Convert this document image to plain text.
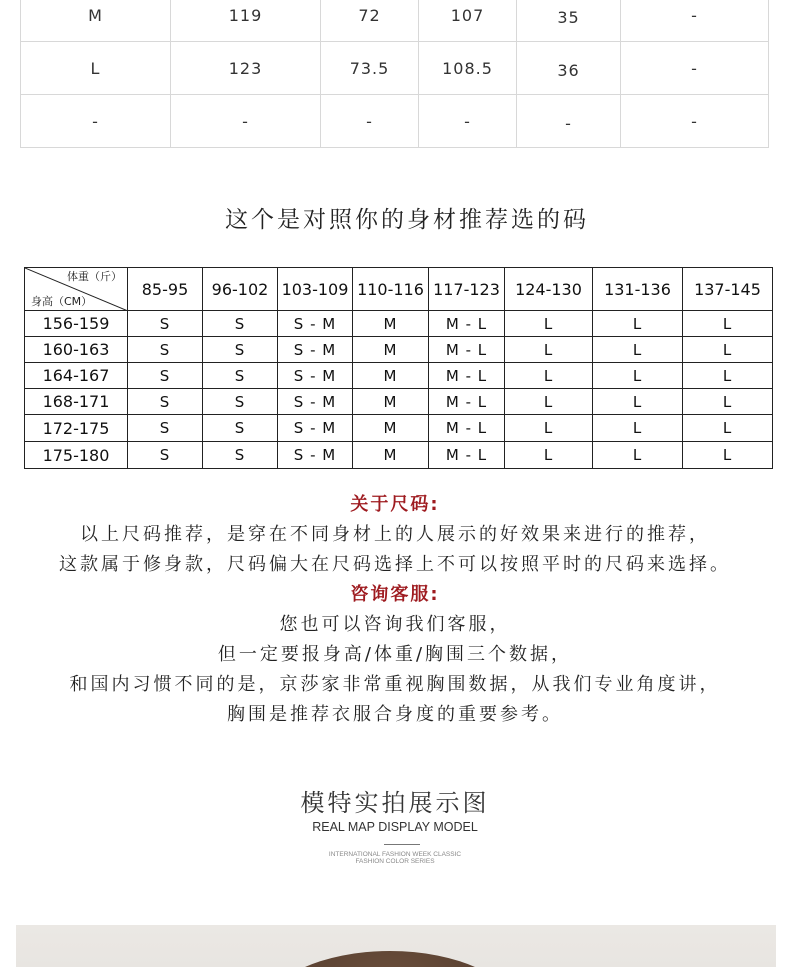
M	119	72	107	35	-
L	123	73.5	108.5	36	-
-	-	-	-	-	-
这个是对照你的身材推荐选的码
体重（斤）
身高（CM）	85-95	96-102	103-109	110-116	117-123	124-130	131-136	137-145
156-159	S	S	S - M	M	M - L	L	L	L
160-163	S	S	S - M	M	M - L	L	L	L
164-167	S	S	S - M	M	M - L	L	L	L
168-171	S	S	S - M	M	M - L	L	L	L
172-175	S	S	S - M	M	M - L	L	L	L
175-180	S	S	S - M	M	M - L	L	L	L
关于尺码:
以上尺码推荐，是穿在不同身材上的人展示的好效果来进行的推荐，
这款属于修身款，尺码偏大在尺码选择上不可以按照平时的尺码来选择。
咨询客服:
您也可以咨询我们客服，
但一定要报身高/体重/胸围三个数据，
和国内习惯不同的是，京莎家非常重视胸围数据，从我们专业角度讲，
胸围是推荐衣服合身度的重要参考。
模特实拍展示图
REAL MAP DISPLAY MODEL
INTERNATIONAL FASHION WEEK CLASSIC
FASHION COLOR SERIES
